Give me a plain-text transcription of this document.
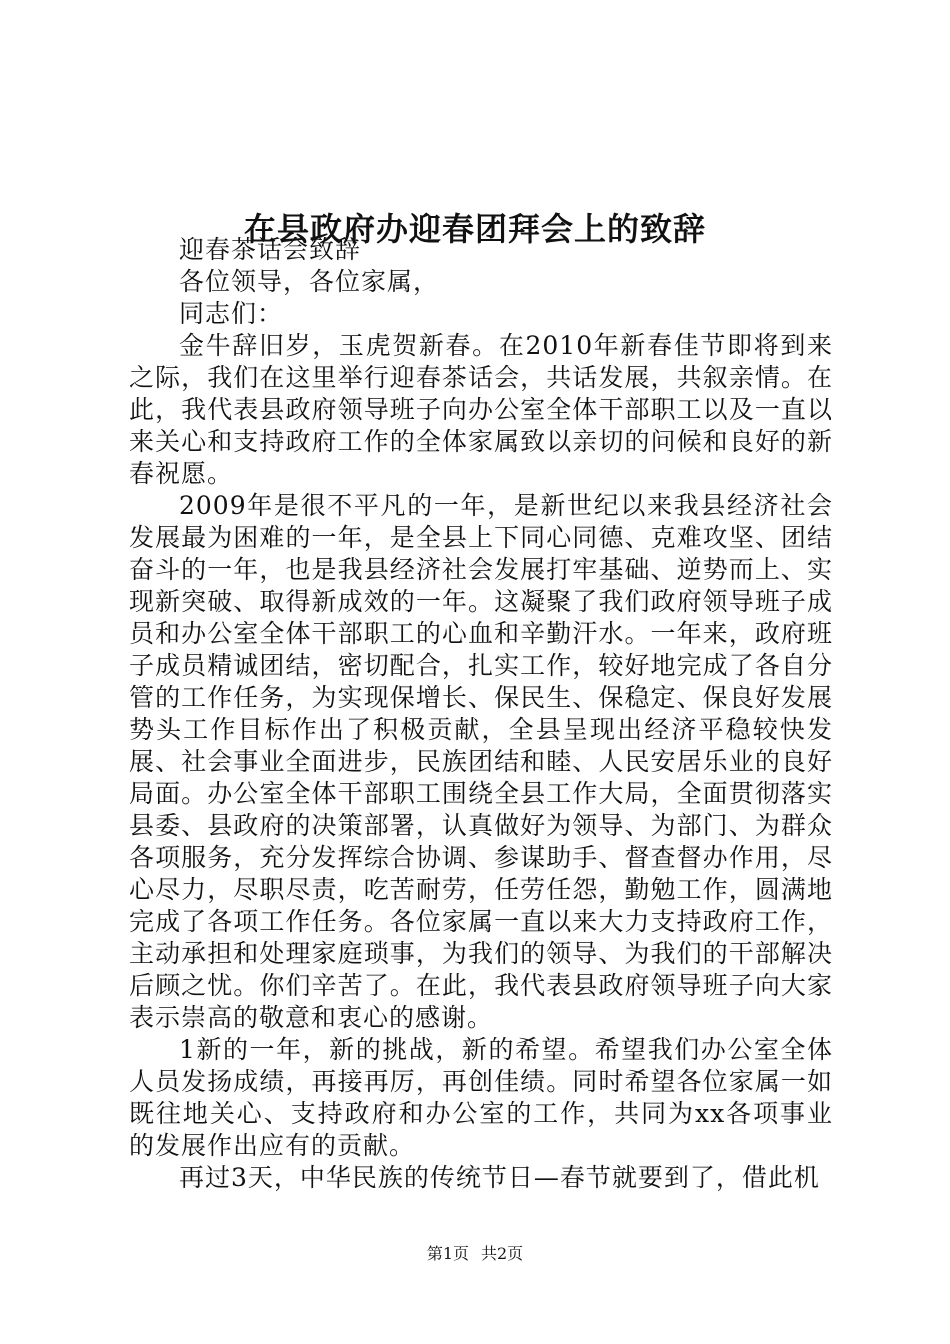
在县政府办迎春团拜会上的致辞

迎春茶话会致辞

各位领导，各位家属，

同志们：

金牛辞旧岁，玉虎贺新春。在2010年新春佳节即将到来之际，我们在这里举行迎春茶话会，共话发展，共叙亲情。在此，我代表县政府领导班子向办公室全体干部职工以及一直以来关心和支持政府工作的全体家属致以亲切的问候和良好的新春祝愿。

2009年是很不平凡的一年，是新世纪以来我县经济社会发展最为困难的一年，是全县上下同心同德、克难攻坚、团结奋斗的一年，也是我县经济社会发展打牢基础、逆势而上、实现新突破、取得新成效的一年。这凝聚了我们政府领导班子成员和办公室全体干部职工的心血和辛勤汗水。一年来，政府班子成员精诚团结，密切配合，扎实工作，较好地完成了各自分管的工作任务，为实现保增长、保民生、保稳定、保良好发展势头工作目标作出了积极贡献，全县呈现出经济平稳较快发展、社会事业全面进步，民族团结和睦、人民安居乐业的良好局面。办公室全体干部职工围绕全县工作大局，全面贯彻落实县委、县政府的决策部署，认真做好为领导、为部门、为群众各项服务，充分发挥综合协调、参谋助手、督查督办作用，尽心尽力，尽职尽责，吃苦耐劳，任劳任怨，勤勉工作，圆满地完成了各项工作任务。各位家属一直以来大力支持政府工作，主动承担和处理家庭琐事，为我们的领导、为我们的干部解决后顾之忧。你们辛苦了。在此，我代表县政府领导班子向大家表示崇高的敬意和衷心的感谢。

1新的一年，新的挑战，新的希望。希望我们办公室全体人员发扬成绩，再接再厉，再创佳绩。同时希望各位家属一如既往地关心、支持政府和办公室的工作，共同为xx各项事业的发展作出应有的贡献。

再过3天，中华民族的传统节日—春节就要到了，借此机

第1页 共2页
